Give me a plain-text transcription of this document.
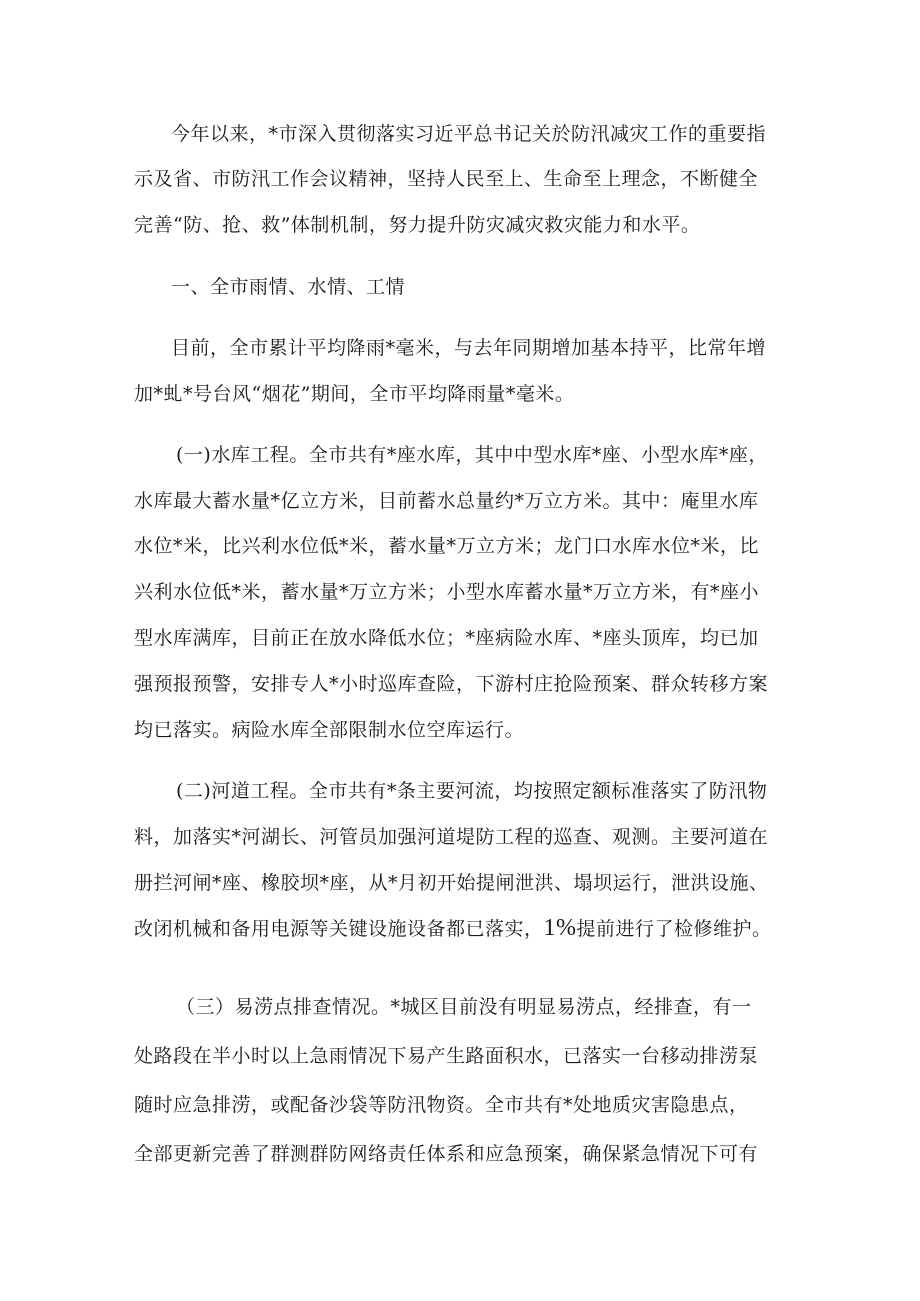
今年以来，*市深入贯彻落实习近平总书记关於防汛减灾工作的重要指

示及省、市防汛工作会议精神，坚持人民至上、生命至上理念，不断健全

完善“防、抢、救”体制机制，努力提升防灾减灾救灾能力和水平。

一、全市雨情、水情、工情

目前，全市累计平均降雨*毫米，与去年同期增加基本持平，比常年增

加*虬*号台风“烟花”期间，全市平均降雨量*毫米。

(一)水库工程。全市共有*座水库，其中中型水库*座、小型水库*座，

水库最大蓄水量*亿立方米，目前蓄水总量约*万立方米。其中：庵里水库

水位*米，比兴利水位低*米，蓄水量*万立方米；龙门口水库水位*米，比

兴利水位低*米，蓄水量*万立方米；小型水库蓄水量*万立方米，有*座小

型水库满库，目前正在放水降低水位；*座病险水库、*座头顶库，均已加

强预报预警，安排专人*小时巡库查险，下游村庄抢险预案、群众转移方案

均已落实。病险水库全部限制水位空库运行。

(二)河道工程。全市共有*条主要河流，均按照定额标准落实了防汛物

料，加落实*河湖长、河管员加强河道堤防工程的巡查、观测。主要河道在

册拦河闸*座、橡胶坝*座，从*月初开始提闸泄洪、塌坝运行，泄洪设施、

改闭机械和备用电源等关键设施设备都已落实，1%提前进行了检修维护。

（三）易涝点排查情况。*城区目前没有明显易涝点，经排查，有一

处路段在半小时以上急雨情况下易产生路面积水，已落实一台移动排涝泵

随时应急排涝，或配备沙袋等防汛物资。全市共有*处地质灾害隐患点，

全部更新完善了群测群防网络责任体系和应急预案，确保紧急情况下可有
